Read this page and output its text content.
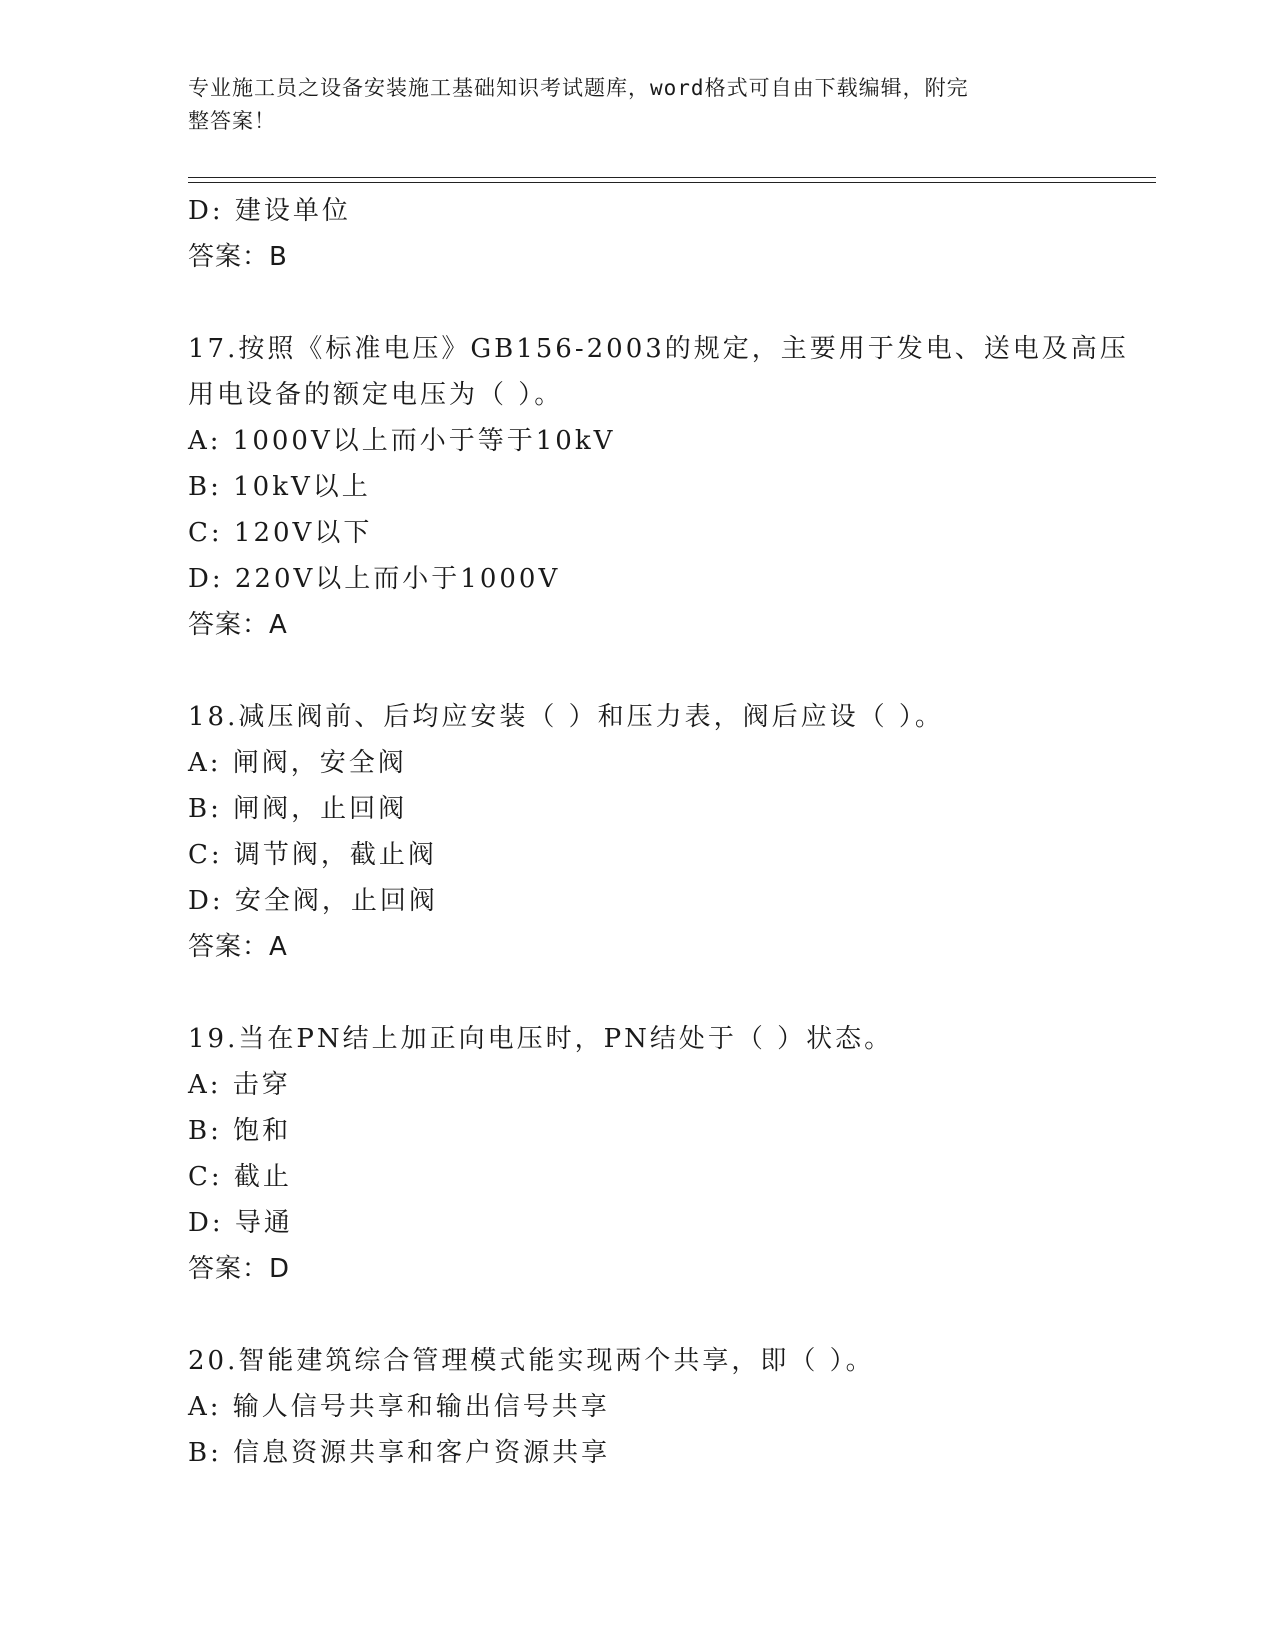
专业施工员之设备安装施工基础知识考试题库，word格式可自由下载编辑，附完
整答案！
D: 建设单位
答案：B
17.按照《标准电压》GB156-2003的规定，主要用于发电、送电及高压
用电设备的额定电压为（ ）。
A: 1000V以上而小于等于10kV
B: 10kV以上
C: 120V以下
D: 220V以上而小于1000V
答案：A
18.减压阀前、后均应安装（ ）和压力表，阀后应设（ ）。
A: 闸阀，安全阀
B: 闸阀，止回阀
C: 调节阀，截止阀
D: 安全阀，止回阀
答案：A
19.当在PN结上加正向电压时，PN结处于（ ）状态。
A: 击穿
B: 饱和
C: 截止
D: 导通
答案：D
20.智能建筑综合管理模式能实现两个共享，即（ ）。
A: 输人信号共享和输出信号共享
B: 信息资源共享和客户资源共享
